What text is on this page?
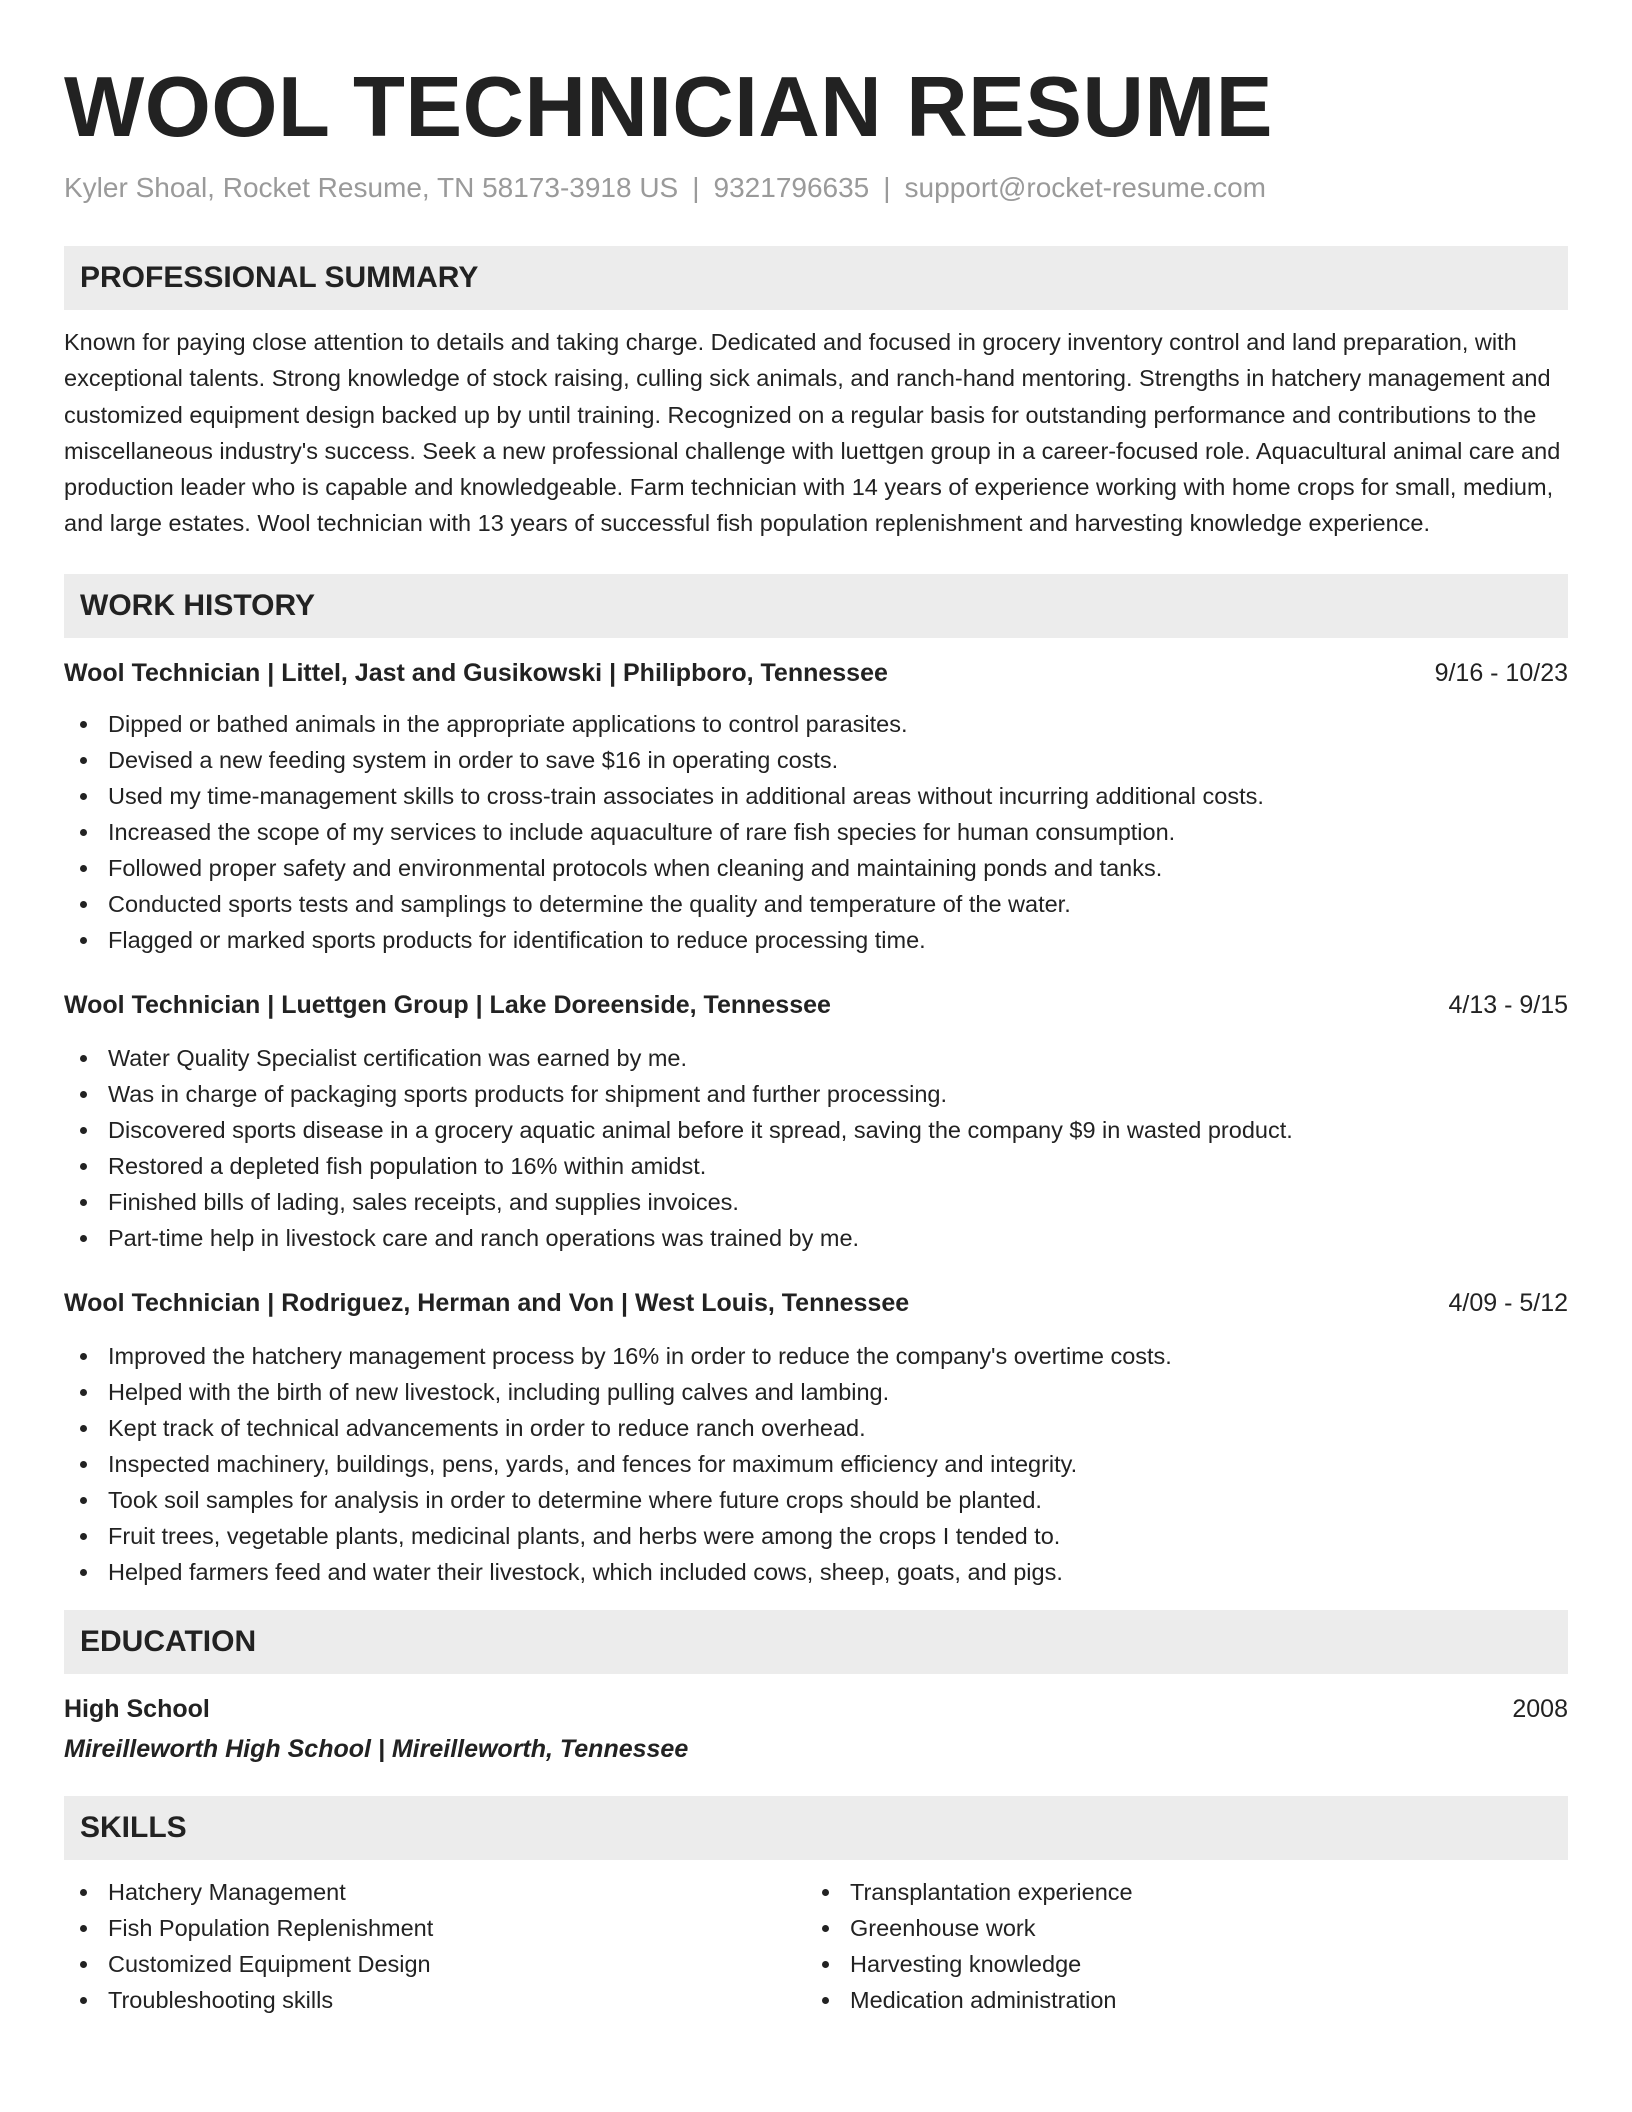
WOOL TECHNICIAN RESUME
Kyler Shoal, Rocket Resume, TN 58173-3918 US | 9321796635 | support@rocket-resume.com
PROFESSIONAL SUMMARY

Known for paying close attention to details and taking charge. Dedicated and focused in grocery inventory control and land preparation, with exceptional talents. Strong knowledge of stock raising, culling sick animals, and ranch-hand mentoring. Strengths in hatchery management and customized equipment design backed up by until training. Recognized on a regular basis for outstanding performance and contributions to the miscellaneous industry's success. Seek a new professional challenge with luettgen group in a career-focused role. Aquacultural animal care and production leader who is capable and knowledgeable. Farm technician with 14 years of experience working with home crops for small, medium, and large estates. Wool technician with 13 years of successful fish population replenishment and harvesting knowledge experience.

WORK HISTORY
Wool Technician | Littel, Jast and Gusikowski | Philipboro, Tennessee	9/16 - 10/23
Dipped or bathed animals in the appropriate applications to control parasites.
Devised a new feeding system in order to save $16 in operating costs.
Used my time-management skills to cross-train associates in additional areas without incurring additional costs.
Increased the scope of my services to include aquaculture of rare fish species for human consumption.
Followed proper safety and environmental protocols when cleaning and maintaining ponds and tanks.
Conducted sports tests and samplings to determine the quality and temperature of the water.
Flagged or marked sports products for identification to reduce processing time.
Wool Technician | Luettgen Group | Lake Doreenside, Tennessee	4/13 - 9/15
Water Quality Specialist certification was earned by me.
Was in charge of packaging sports products for shipment and further processing.
Discovered sports disease in a grocery aquatic animal before it spread, saving the company $9 in wasted product.
Restored a depleted fish population to 16% within amidst.
Finished bills of lading, sales receipts, and supplies invoices.
Part-time help in livestock care and ranch operations was trained by me.
Wool Technician | Rodriguez, Herman and Von | West Louis, Tennessee	4/09 - 5/12
Improved the hatchery management process by 16% in order to reduce the company's overtime costs.
Helped with the birth of new livestock, including pulling calves and lambing.
Kept track of technical advancements in order to reduce ranch overhead.
Inspected machinery, buildings, pens, yards, and fences for maximum efficiency and integrity.
Took soil samples for analysis in order to determine where future crops should be planted.
Fruit trees, vegetable plants, medicinal plants, and herbs were among the crops I tended to.
Helped farmers feed and water their livestock, which included cows, sheep, goats, and pigs.
EDUCATION
High School	2008
Mireilleworth High School | Mireilleworth, Tennessee
SKILLS
Hatchery Management
Fish Population Replenishment
Customized Equipment Design
Troubleshooting skills
Transplantation experience
Greenhouse work
Harvesting knowledge
Medication administration
